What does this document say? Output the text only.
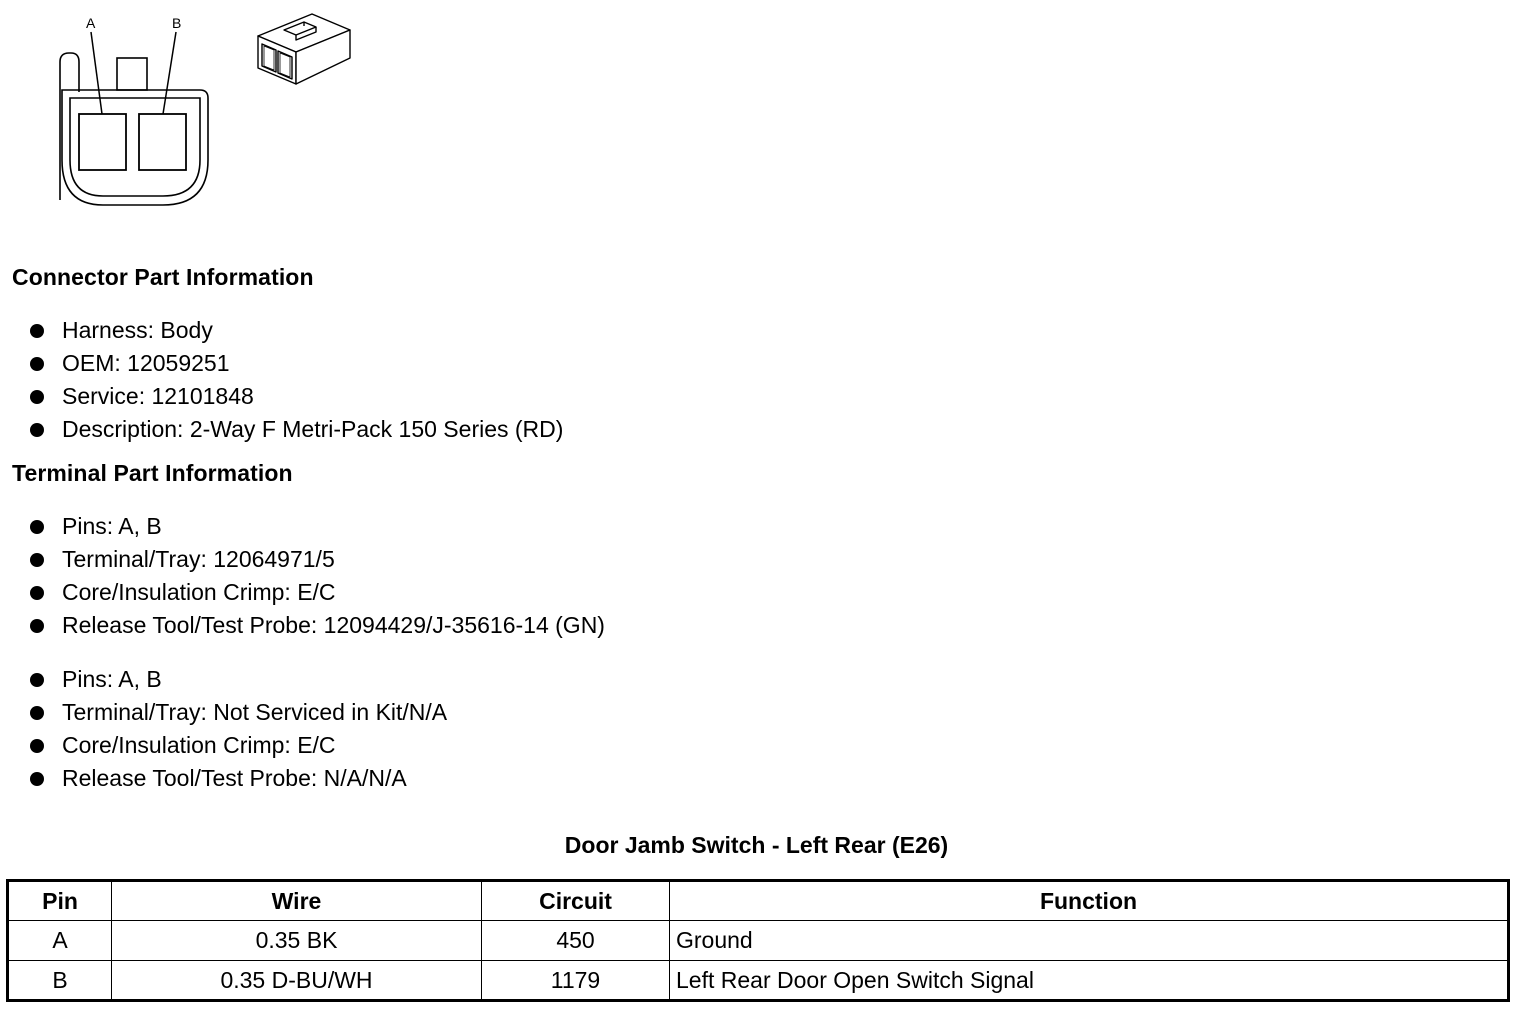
A	B
Connector Part Information
Harness: Body
OEM: 12059251
Service: 12101848
Description: 2-Way F Metri-Pack 150 Series (RD)
Terminal Part Information
Pins: A, B
Terminal/Tray: 12064971/5
Core/Insulation Crimp: E/C
Release Tool/Test Probe: 12094429/J-35616-14 (GN)
Pins: A, B
Terminal/Tray: Not Serviced in Kit/N/A
Core/Insulation Crimp: E/C
Release Tool/Test Probe: N/A/N/A
Door Jamb Switch - Left Rear (E26)
Pin	Wire	Circuit	Function
A	0.35 BK	450	Ground
B	0.35 D-BU/WH	1179	Left Rear Door Open Switch Signal
